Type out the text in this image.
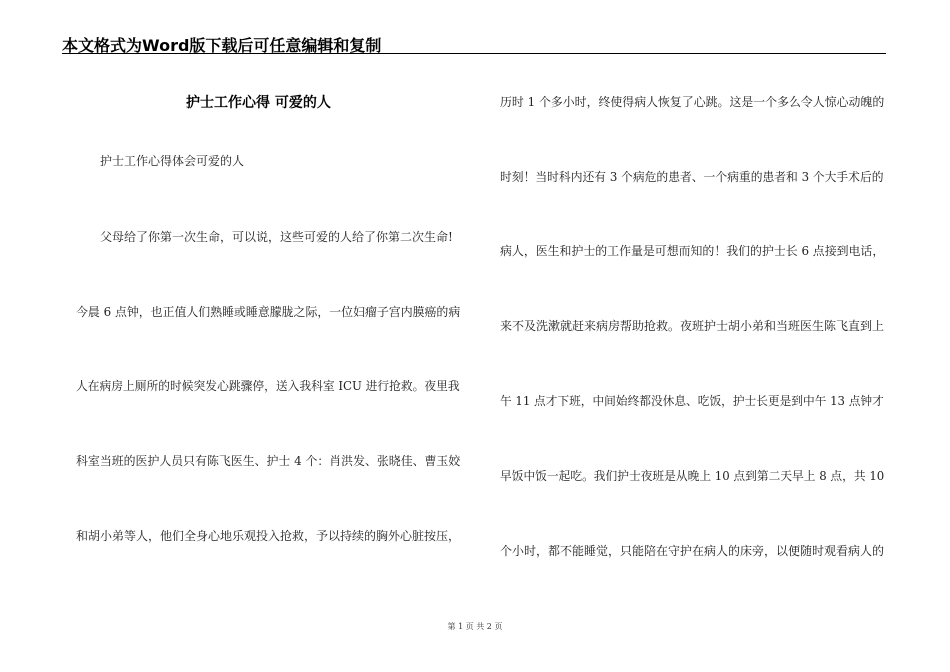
本文格式为Word版下载后可任意编辑和复制
护士工作心得 可爱的人
护士工作心得体会可爱的人
父母给了你第一次生命，可以说，这些可爱的人给了你第二次生命!
今晨 6 点钟，也正值人们熟睡或睡意朦胧之际，一位妇瘤子宫内膜癌的病
人在病房上厕所的时候突发心跳骤停，送入我科室 ICU 进行抢救。夜里我
科室当班的医护人员只有陈飞医生、护士 4 个：肖洪发、张晓佳、曹玉姣
和胡小弟等人，他们全身心地乐观投入抢救，予以持续的胸外心脏按压，
历时 1 个多小时，终使得病人恢复了心跳。这是一个多么令人惊心动魄的
时刻！当时科内还有 3 个病危的患者、一个病重的患者和 3 个大手术后的
病人，医生和护士的工作量是可想而知的！我们的护士长 6 点接到电话，
来不及洗漱就赶来病房帮助抢救。夜班护士胡小弟和当班医生陈飞直到上
午 11 点才下班，中间始终都没休息、吃饭，护士长更是到中午 13 点钟才
早饭中饭一起吃。我们护士夜班是从晚上 10 点到第二天早上 8 点，共 10
个小时，都不能睡觉，只能陪在守护在病人的床旁，以便随时观看病人的
第 1 页 共 2 页
